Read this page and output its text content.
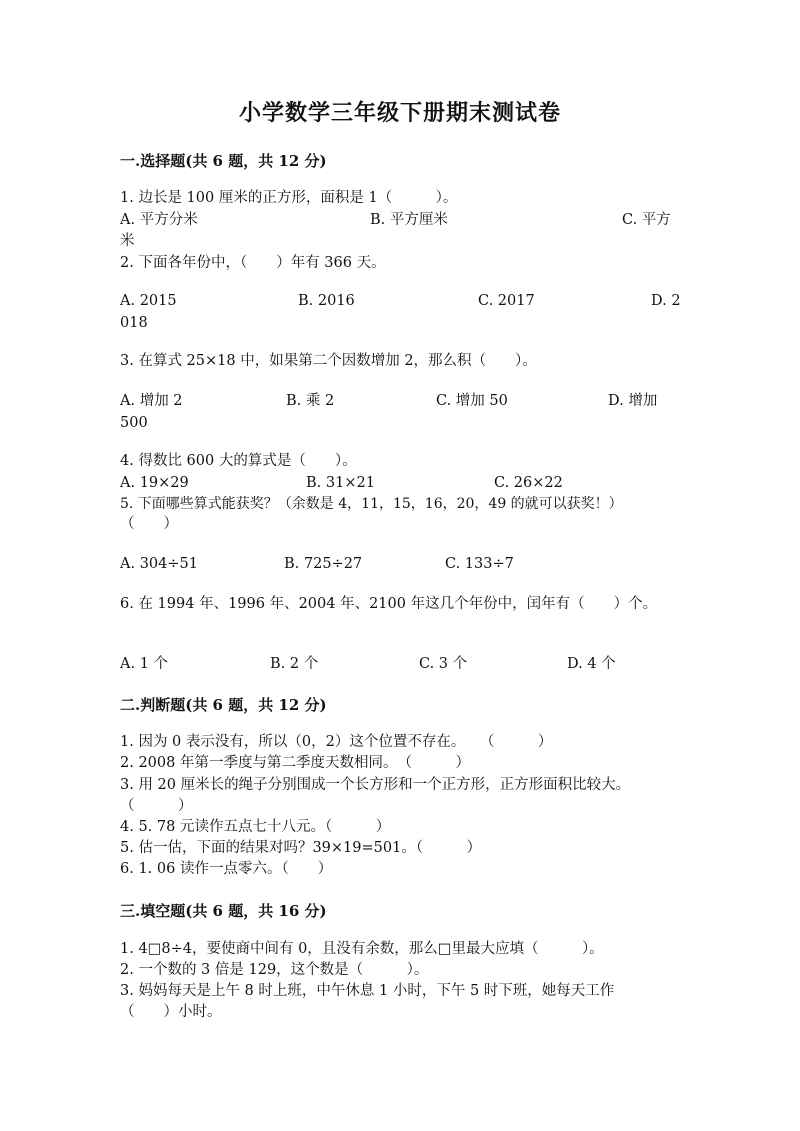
小学数学三年级下册期末测试卷
一.选择题(共 6 题，共 12 分)
1. 边长是 100 厘米的正方形，面积是 1（　　　）。
A. 平方分米	B. 平方厘米	C. 平方
米
2. 下面各年份中，（　　）年有 366 天。
A. 2015	B. 2016	C. 2017	D. 2
018
3. 在算式 25×18 中，如果第二个因数增加 2，那么积（　　）。
A. 增加 2	B. 乘 2	C. 增加 50	D. 增加
500
4. 得数比 600 大的算式是（　　）。
A. 19×29	B. 31×21	C. 26×22
5. 下面哪些算式能获奖？（余数是 4，11，15，16，20，49 的就可以获奖！）
（　　）
A. 304÷51	B. 725÷27	C. 133÷7
6. 在 1994 年、1996 年、2004 年、2100 年这几个年份中，闰年有（　　）个。
A. 1 个	B. 2 个	C. 3 个	D. 4 个
二.判断题(共 6 题，共 12 分)
1. 因为 0 表示没有，所以（0，2）这个位置不存在。　　（　　　）
2. 2008 年第一季度与第二季度天数相同。　（　　　）
3. 用 20 厘米长的绳子分别围成一个长方形和一个正方形，正方形面积比较大。
（　　　）
4. 5. 78 元读作五点七十八元。（　　　）
5. 估一估，下面的结果对吗？39×19=501。（　　　）
6. 1. 06 读作一点零六。（　　）
三.填空题(共 6 题，共 16 分)
1. 4□8÷4，要使商中间有 0，且没有余数，那么□里最大应填（　　　）。
2. 一个数的 3 倍是 129，这个数是（　　　）。
3. 妈妈每天是上午 8 时上班，中午休息 1 小时，下午 5 时下班，她每天工作
（　　）小时。
